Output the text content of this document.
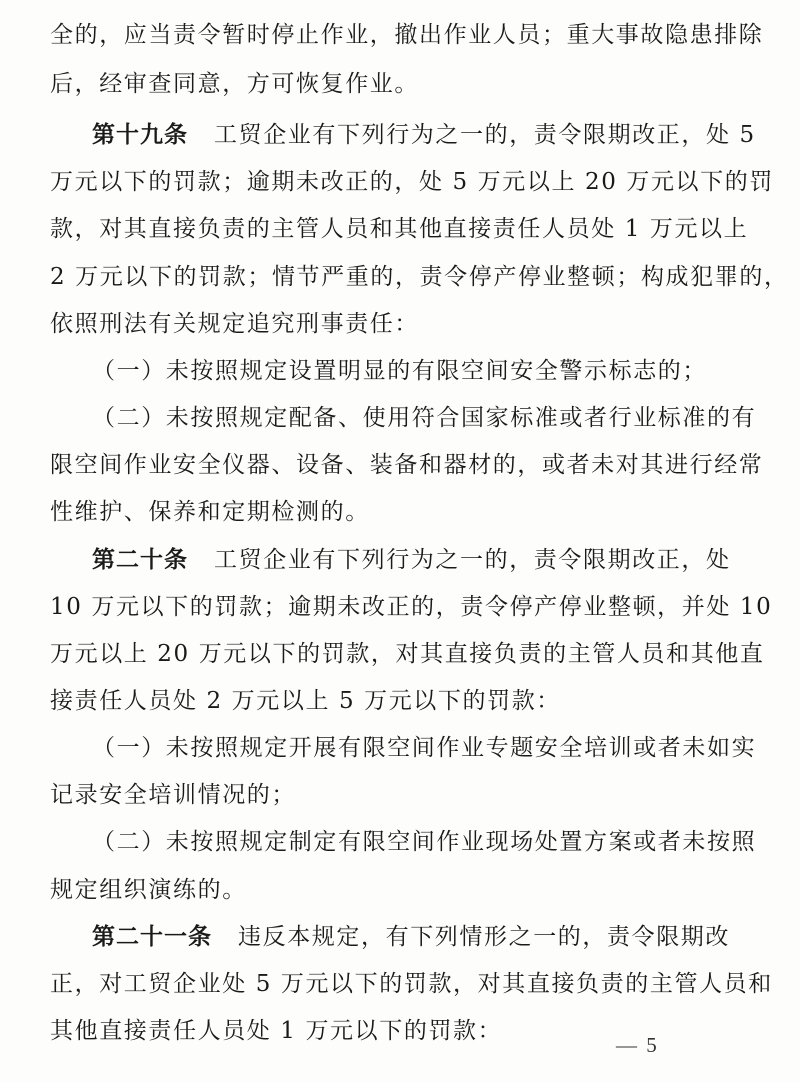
全的，应当责令暂时停止作业，撤出作业人员；重大事故隐患排除
后，经审查同意，方可恢复作业。
第十九条 工贸企业有下列行为之一的，责令限期改正，处 5
万元以下的罚款；逾期未改正的，处 5 万元以上 20 万元以下的罚
款，对其直接负责的主管人员和其他直接责任人员处 1 万元以上
2 万元以下的罚款；情节严重的，责令停产停业整顿；构成犯罪的，
依照刑法有关规定追究刑事责任：
（一）未按照规定设置明显的有限空间安全警示标志的；
（二）未按照规定配备、使用符合国家标准或者行业标准的有
限空间作业安全仪器、设备、装备和器材的，或者未对其进行经常
性维护、保养和定期检测的。
第二十条 工贸企业有下列行为之一的，责令限期改正，处
10 万元以下的罚款；逾期未改正的，责令停产停业整顿，并处 10
万元以上 20 万元以下的罚款，对其直接负责的主管人员和其他直
接责任人员处 2 万元以上 5 万元以下的罚款：
（一）未按照规定开展有限空间作业专题安全培训或者未如实
记录安全培训情况的；
（二）未按照规定制定有限空间作业现场处置方案或者未按照
规定组织演练的。
第二十一条 违反本规定，有下列情形之一的，责令限期改
正，对工贸企业处 5 万元以下的罚款，对其直接负责的主管人员和
其他直接责任人员处 1 万元以下的罚款：
— 5
